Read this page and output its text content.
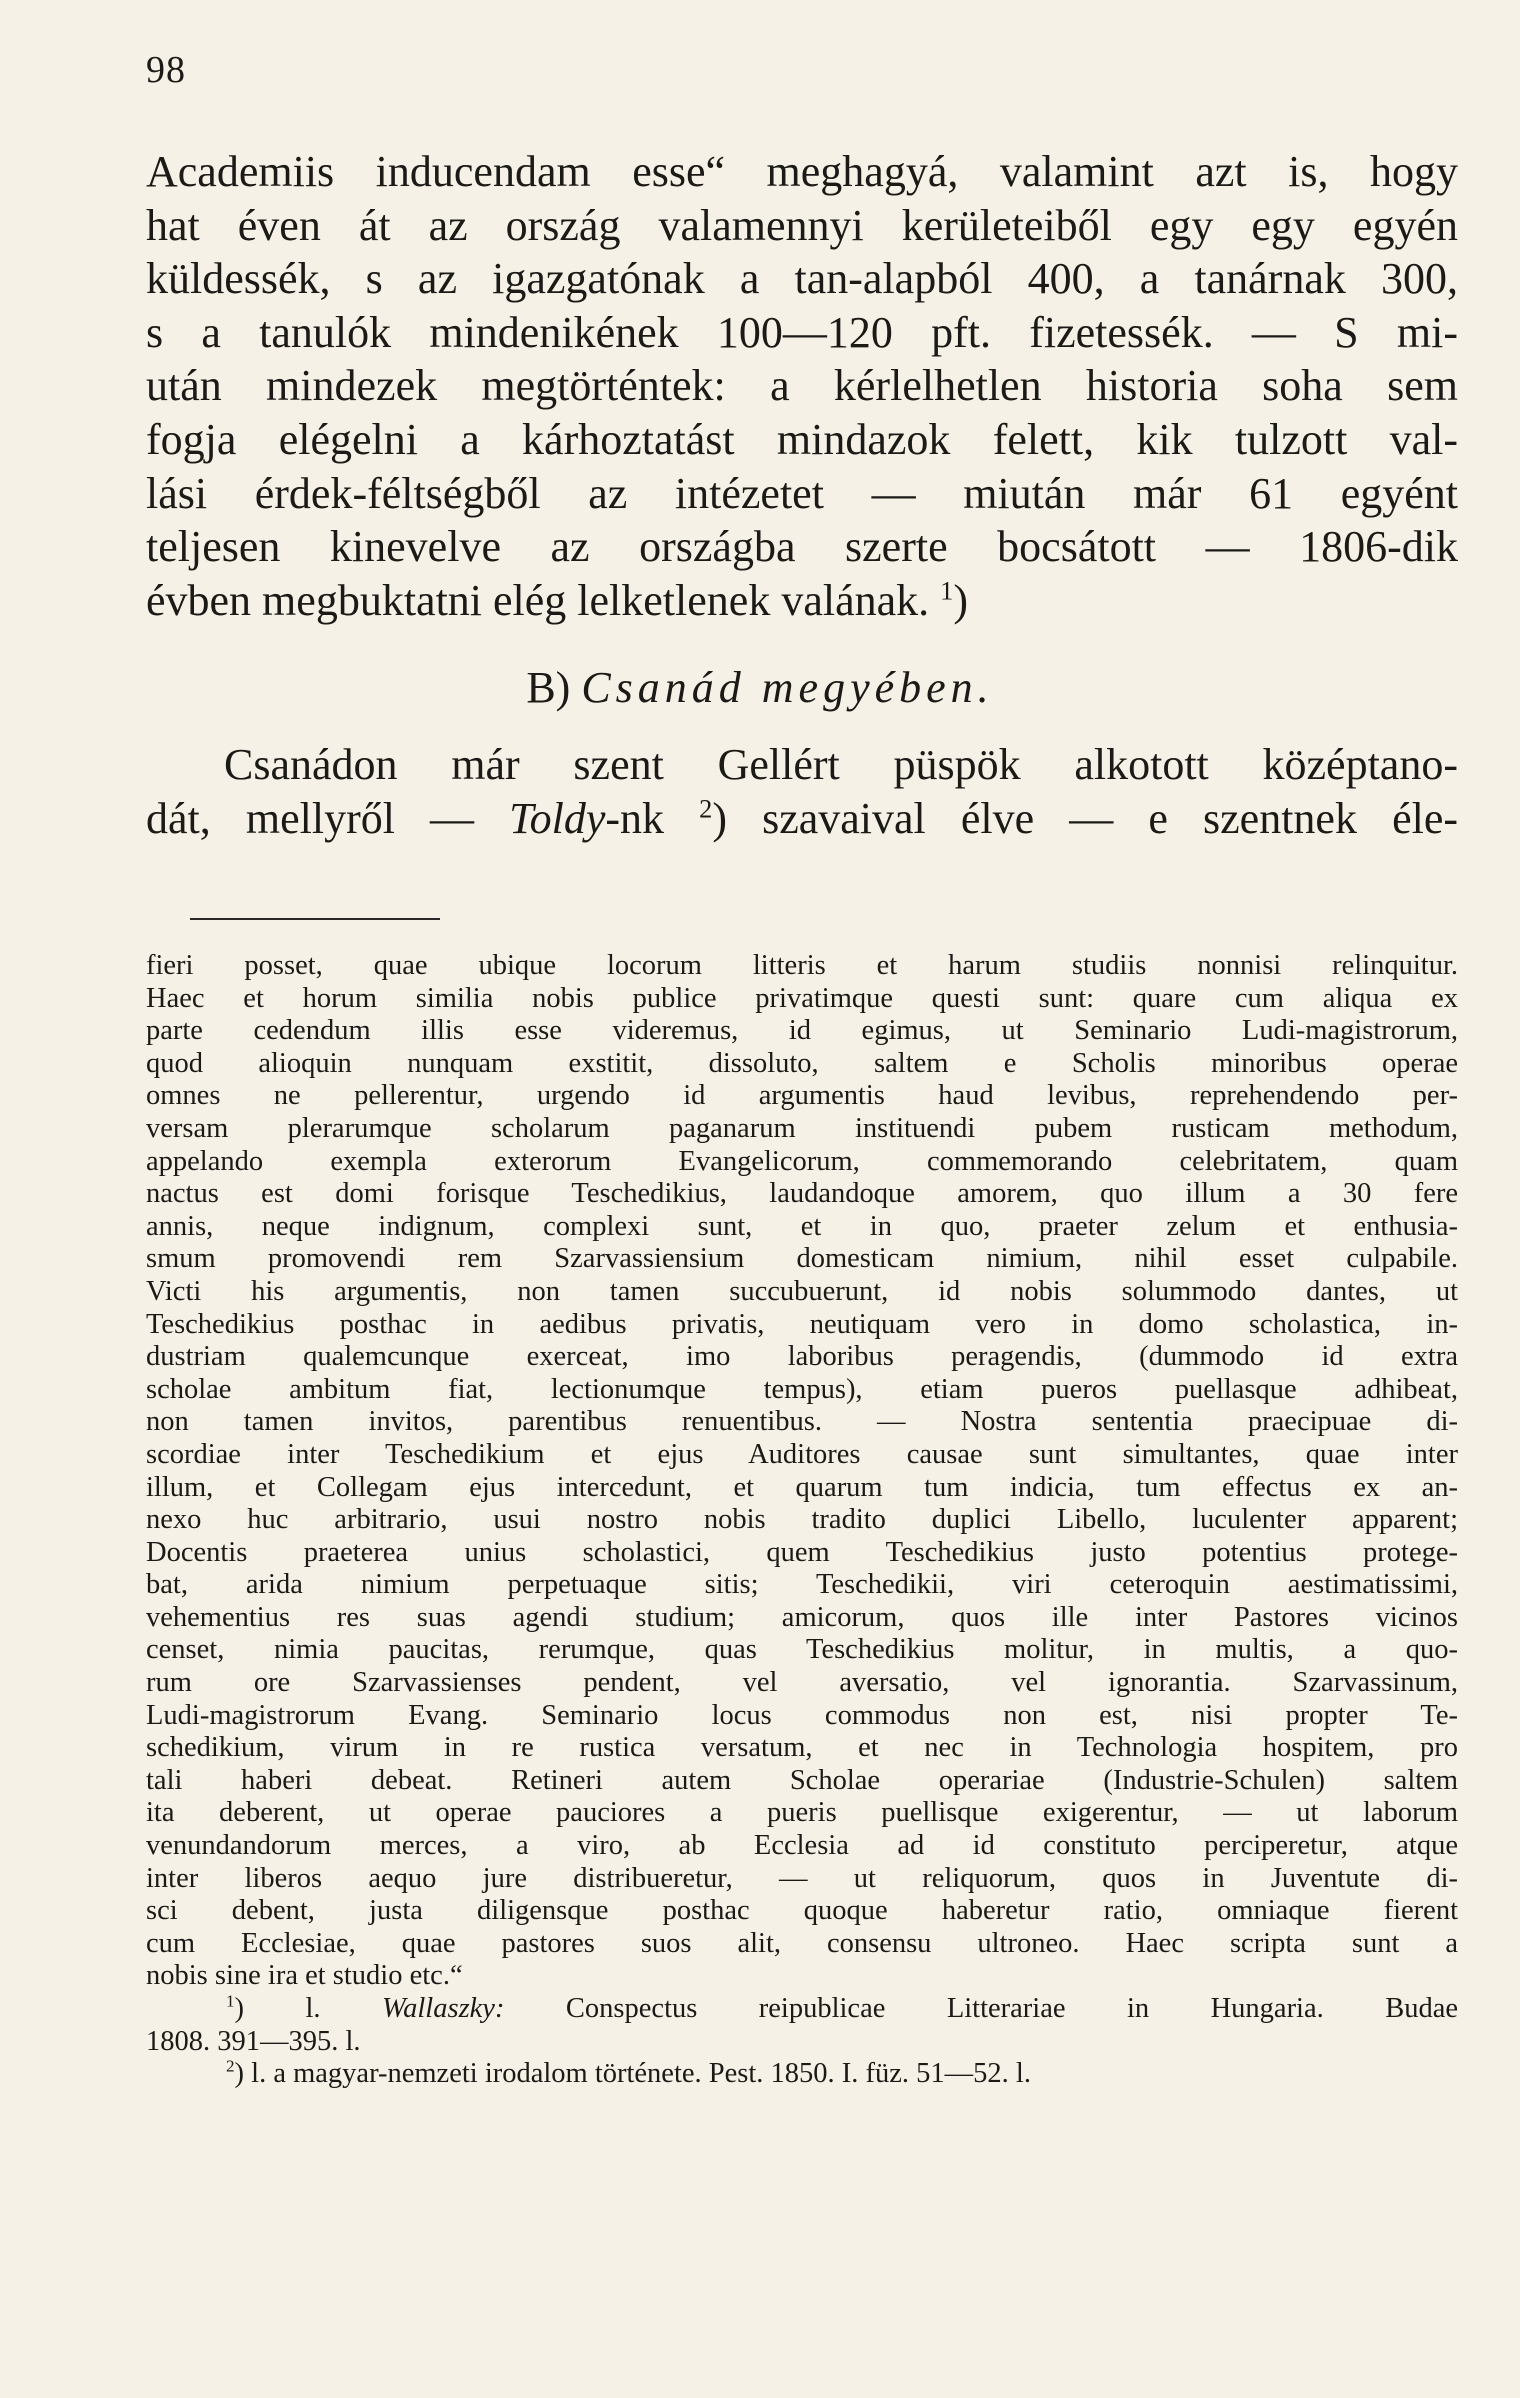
98
Academiis inducendam esse“ meghagyá, valamint azt is, hogy
hat éven át az ország valamennyi kerületeiből egy egy egyén
küldessék, s az igazgatónak a tan-alapból 400, a tanárnak 300,
s a tanulók mindenikének 100—120 pft. fizetessék. — S mi-
után mindezek megtörténtek: a kérlelhetlen historia soha sem
fogja elégelni a kárhoztatást mindazok felett, kik tulzott val-
lási érdek-féltségből az intézetet — miután már 61 egyént
teljesen kinevelve az országba szerte bocsátott — 1806-dik
évben megbuktatni elég lelketlenek valának. $^1$)
B) Csanád megyében.
Csanádon már szent Gellért püspök alkotott középtano-
dát, mellyről — Toldy-nk $^2$) szavaival élve — e szentnek éle-
fieri posset, quae ubique locorum litteris et harum studiis nonnisi relinquitur.
Haec et horum similia nobis publice privatimque questi sunt: quare cum aliqua ex
parte cedendum illis esse videremus, id egimus, ut Seminario Ludi-magistrorum,
quod alioquin nunquam exstitit, dissoluto, saltem e Scholis minoribus operae
omnes ne pellerentur, urgendo id argumentis haud levibus, reprehendendo per-
versam plerarumque scholarum paganarum instituendi pubem rusticam methodum,
appelando exempla exterorum Evangelicorum, commemorando celebritatem, quam
nactus est domi forisque Teschedikius, laudandoque amorem, quo illum a 30 fere
annis, neque indignum, complexi sunt, et in quo, praeter zelum et enthusia-
smum promovendi rem Szarvassiensium domesticam nimium, nihil esset culpabile.
Victi his argumentis, non tamen succubuerunt, id nobis solummodo dantes, ut
Teschedikius posthac in aedibus privatis, neutiquam vero in domo scholastica, in-
dustriam qualemcunque exerceat, imo laboribus peragendis, (dummodo id extra
scholae ambitum fiat, lectionumque tempus), etiam pueros puellasque adhibeat,
non tamen invitos, parentibus renuentibus. — Nostra sententia praecipuae di-
scordiae inter Teschedikium et ejus Auditores causae sunt simultantes, quae inter
illum, et Collegam ejus intercedunt, et quarum tum indicia, tum effectus ex an-
nexo huc arbitrario, usui nostro nobis tradito duplici Libello, luculenter apparent;
Docentis praeterea unius scholastici, quem Teschedikius justo potentius protege-
bat, arida nimium perpetuaque sitis; Teschedikii, viri ceteroquin aestimatissimi,
vehementius res suas agendi studium; amicorum, quos ille inter Pastores vicinos
censet, nimia paucitas, rerumque, quas Teschedikius molitur, in multis, a quo-
rum ore Szarvassienses pendent, vel aversatio, vel ignorantia. Szarvassinum,
Ludi-magistrorum Evang. Seminario locus commodus non est, nisi propter Te-
schedikium, virum in re rustica versatum, et nec in Technologia hospitem, pro
tali haberi debeat. Retineri autem Scholae operariae (Industrie-Schulen) saltem
ita deberent, ut operae pauciores a pueris puellisque exigerentur, — ut laborum
venundandorum merces, a viro, ab Ecclesia ad id constituto perciperetur, atque
inter liberos aequo jure distribueretur, — ut reliquorum, quos in Juventute di-
sci debent, justa diligensque posthac quoque haberetur ratio, omniaque fierent
cum Ecclesiae, quae pastores suos alit, consensu ultroneo. Haec scripta sunt a
nobis sine ira et studio etc.“
$^1$) l. Wallaszky: Conspectus reipublicae Litterariae in Hungaria. Budae
1808. 391—395. l.
$^2$) l. a magyar-nemzeti irodalom története. Pest. 1850. I. füz. 51—52. l.
